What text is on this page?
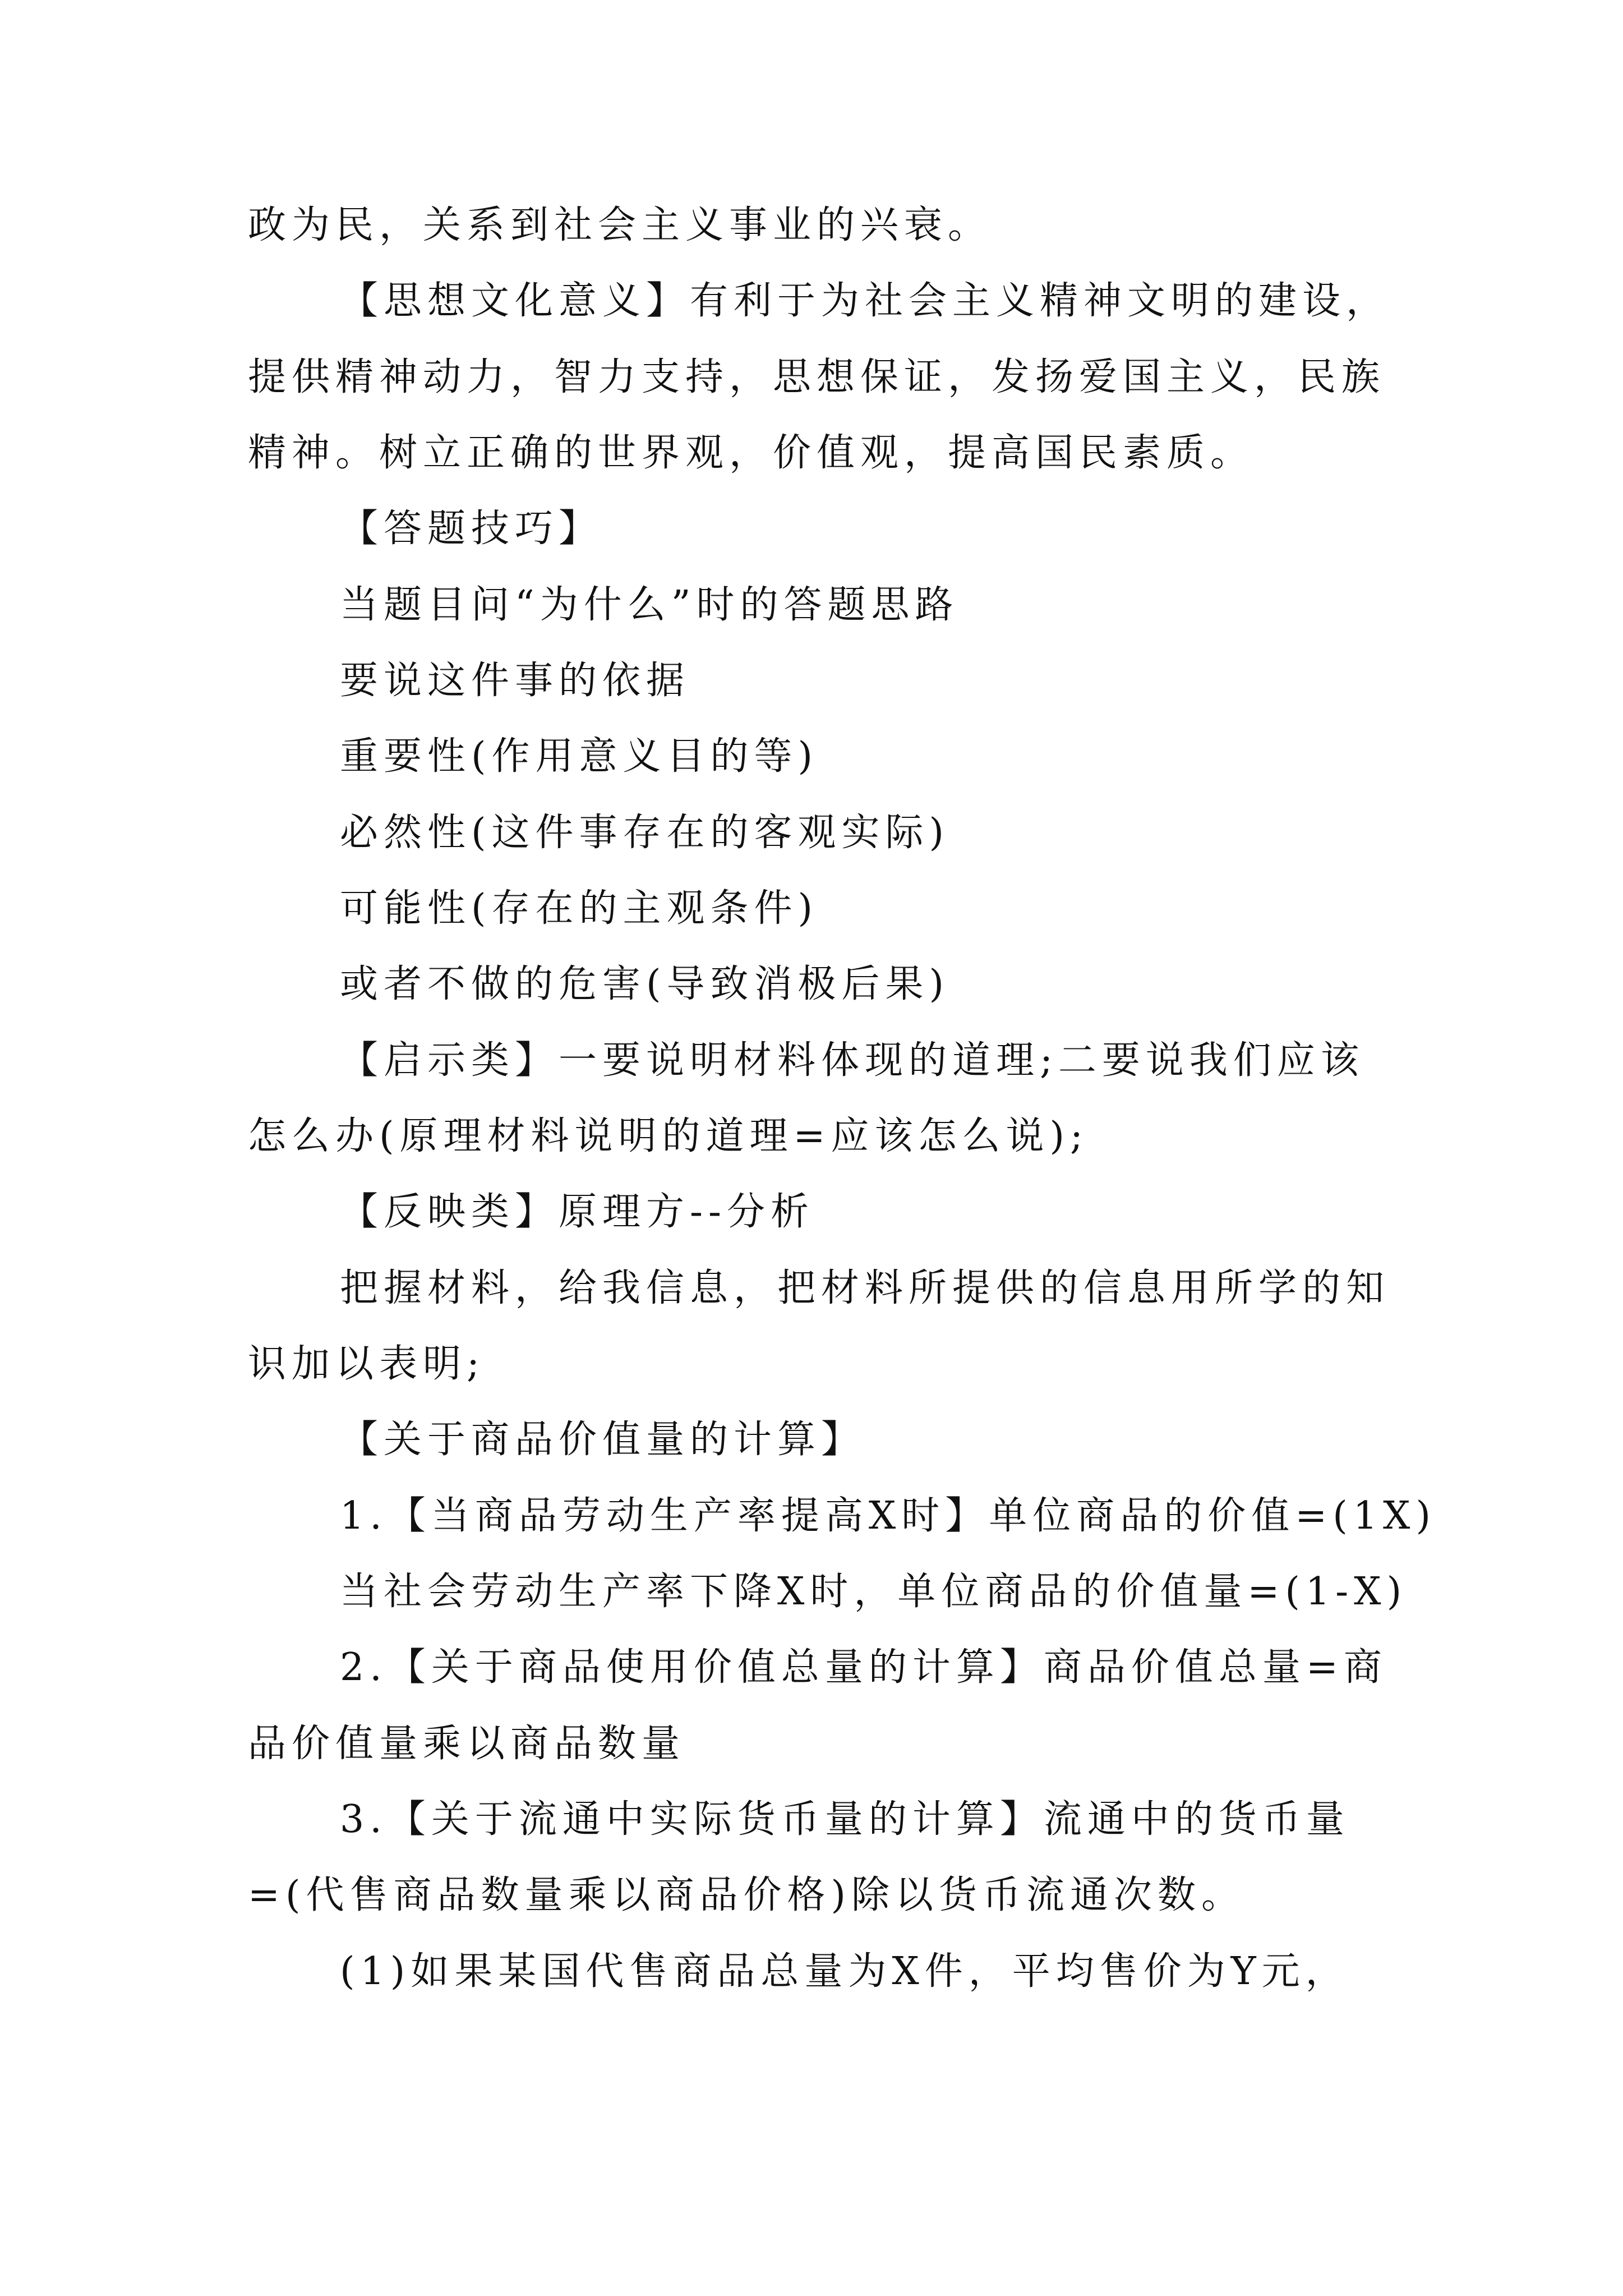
政为民，关系到社会主义事业的兴衰。
【思想文化意义】有利于为社会主义精神文明的建设，
提供精神动力，智力支持，思想保证，发扬爱国主义，民族
精神。树立正确的世界观，价值观，提高国民素质。
【答题技巧】
当题目问“为什么”时的答题思路
要说这件事的依据
重要性(作用意义目的等)
必然性(这件事存在的客观实际)
可能性(存在的主观条件)
或者不做的危害(导致消极后果)
【启示类】一要说明材料体现的道理;二要说我们应该
怎么办(原理材料说明的道理=应该怎么说);
【反映类】原理方--分析
把握材料，给我信息，把材料所提供的信息用所学的知
识加以表明;
【关于商品价值量的计算】
1.【当商品劳动生产率提高X时】单位商品的价值=(1X)
当社会劳动生产率下降X时，单位商品的价值量=(1-X)
2.【关于商品使用价值总量的计算】商品价值总量=商
品价值量乘以商品数量
3.【关于流通中实际货币量的计算】流通中的货币量
=(代售商品数量乘以商品价格)除以货币流通次数。
(1)如果某国代售商品总量为X件，平均售价为Y元，
